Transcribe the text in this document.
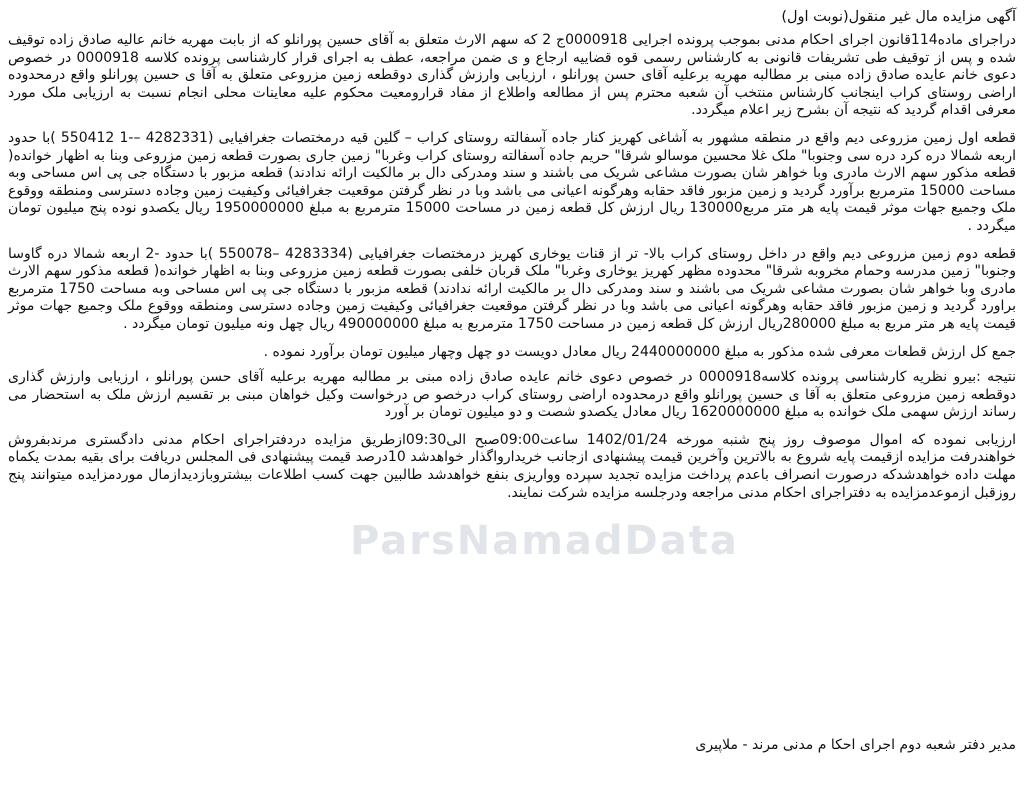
آگهی مزایده مال غیر منقول(نوبت اول)

دراجرای ماده114قانون اجرای احکام مدنی بموجب پرونده اجرایی 0000918ج 2 که سهم الارث متعلق به آقای حسین پورانلو که از بابت مهریه خانم عالیه صادق زاده توقیف شده و پس از توقیف طی تشریفات قانونی به کارشناس رسمی قوه قضاییه ارجاع و ی ضمن مراجعه، عطف به اجرای قرار کارشناسی پرونده کلاسه 0000918 در خصوص دعوی خانم عایده صادق زاده مبنی بر مطالبه مهریه برعلیه آقای حسن پورانلو ، ارزیابی وارزش گذاری دوقطعه زمین مزروعی متعلق به آقا ی حسین پورانلو واقع درمحدوده اراضی روستای کراب اینجانب کارشناس منتخب آن شعبه محترم پس از مطالعه واطلاع از مفاد قرارومعیت محکوم علیه معاینات محلی انجام نسبت به ارزیابی ملک مورد معرفی اقدام گردید که نتیجه آن بشرح زیر اعلام میگردد.

قطعه اول زمین مزروعی دیم واقع در منطقه مشهور به آشاغی کهریز کنار جاده آسفالته روستای کراب – گلین قیه درمختصات جغرافیایی (4282331 –-1 550412 )با حدود اربعه شمالا دره کرد دره سی وجنوبا" ملک غلا محسین موسالو شرقا" حریم جاده آسفالته روستای کراب وغربا" زمین جاری بصورت قطعه زمین مزروعی وبنا به اظهار خوانده( قطعه مذکور سهم الارث مادری وبا خواهر شان بصورت مشاعی شریک می باشند و سند ومدرکی دال بر مالکیت ارائه ندادند) قطعه مزبور با دستگاه جی پی اس مساحی وبه مساحت 15000 مترمربع برآورد گردید و زمین مزبور فاقد حقابه وهرگونه اعیانی می باشد وبا در نظر گرفتن موقعیت جغرافیائی وکیفیت زمین وجاده دسترسی ومنطقه ووقوع ملک وجمیع جهات موثر قیمت پایه هر متر مربع130000 ریال ارزش کل قطعه زمین در مساحت 15000 مترمربع به مبلغ 1950000000 ریال یکصدو نوده پنج میلیون تومان میگردد .

قطعه دوم زمین مزروعی دیم واقع در داخل روستای کراب بالا- تر از قنات یوخاری کهریز درمختصات جغرافیایی (4283334 –550078 )با حدود -2 اربعه شمالا دره گاوسا وجنوبا" زمین مدرسه وحمام مخروبه شرقا" محدوده مظهر کهریز یوخاری وغربا" ملک قربان خلفی بصورت قطعه زمین مزروعی وبنا به اظهار خوانده( قطعه مذکور سهم الارث مادری وبا خواهر شان بصورت مشاعی شریک می باشند و سند ومدرکی دال بر مالکیت ارائه ندادند) قطعه مزبور با دستگاه جی پی اس مساحی وبه مساحت 1750 مترمربع براورد گردید و زمین مزبور فاقد حقابه وهرگونه اعیانی می باشد وبا در نظر گرفتن موقعیت جغرافیائی وکیفیت زمین وجاده دسترسی ومنطقه ووقوع ملک وجمیع جهات موثر قیمت پایه هر متر مربع به مبلغ 280000ریال ارزش کل قطعه زمین در مساحت 1750 مترمربع به مبلغ 490000000 ریال چهل ونه میلیون تومان میگردد .

جمع کل ارزش قطعات معرفی شده مذکور به مبلغ 2440000000 ریال معادل دویست دو چهل وچهار میلیون تومان برآورد نموده .

نتیجه :بیرو نظریه کارشناسی پرونده کلاسه0000918 در خصوص دعوی خانم عایده صادق زاده مبنی بر مطالبه مهریه برعلیه آقای حسن پورانلو ، ارزیابی وارزش گذاری دوقطعه زمین مزروعی متعلق به آقا ی حسین پورانلو واقع درمحدوده اراضی روستای کراب درخصو ص درخواست وکیل خواهان مبنی بر تقسیم ارزش ملک به استحضار می رساند ارزش سهمی ملک خوانده به مبلغ 1620000000 ریال معادل یکصدو شصت و دو میلیون تومان بر آورد

ارزیابی نموده که اموال موصوف روز پنج شنبه مورخه 1402/01/24 ساعت09:00صبح الی09:30ازطریق مزایده دردفتراجرای احکام مدنی دادگستری مرندبفروش خواهندرفت مزایده ازقیمت پایه شروع به بالاترین وآخرین قیمت پیشنهادی ازجانب خریدارواگذار خواهدشد 10درصد قیمت پیشنهادی فی المجلس دریافت برای بقیه بمدت یکماه مهلت داده خواهدشدکه درصورت انصراف باعدم پرداخت مزایده تجدید سپرده وواریزی بنفع خواهدشد طالبین جهت کسب اطلاعات بیشتروبازدیدازمال موردمزایده میتوانند پنج روزقبل ازموعدمزایده به دفتراجرای احکام مدنی مراجعه ودرجلسه مزایده شرکت نمایند.

ParsNamadData
مدیر دفتر شعبه دوم اجرای احکا م مدنی مرند - ملاپیری
